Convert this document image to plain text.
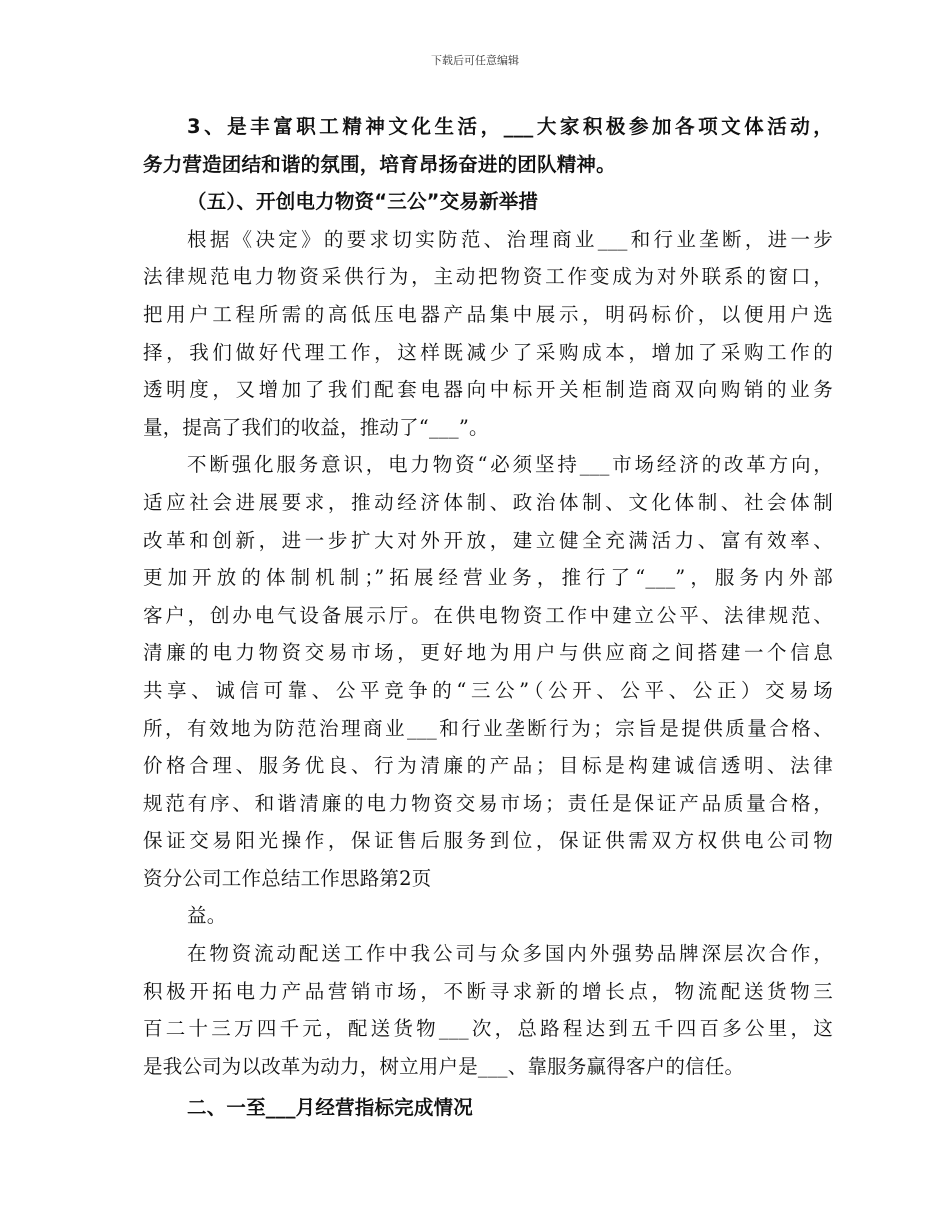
下载后可任意编辑
3、是丰富职工精神文化生活，___大家积极参加各项文体活动，
务力营造团结和谐的氛围，培育昂扬奋进的团队精神。
（五）、开创电力物资“三公”交易新举措
根据《决定》的要求切实防范、治理商业___和行业垄断，进一步
法律规范电力物资采供行为，主动把物资工作变成为对外联系的窗口，
把用户工程所需的高低压电器产品集中展示，明码标价，以便用户选
择，我们做好代理工作，这样既减少了采购成本，增加了采购工作的
透明度，又增加了我们配套电器向中标开关柜制造商双向购销的业务
量，提高了我们的收益，推动了“___”。
不断强化服务意识，电力物资“必须坚持___市场经济的改革方向，
适应社会进展要求，推动经济体制、政治体制、文化体制、社会体制
改革和创新，进一步扩大对外开放，建立健全充满活力、富有效率、
更加开放的体制机制；”拓展经营业务，推行了“___”，服务内外部
客户，创办电气设备展示厅。在供电物资工作中建立公平、法律规范、
清廉的电力物资交易市场，更好地为用户与供应商之间搭建一个信息
共享、诚信可靠、公平竞争的“三公”（公开、公平、公正）交易场
所，有效地为防范治理商业___和行业垄断行为；宗旨是提供质量合格、
价格合理、服务优良、行为清廉的产品；目标是构建诚信透明、法律
规范有序、和谐清廉的电力物资交易市场；责任是保证产品质量合格，
保证交易阳光操作，保证售后服务到位，保证供需双方权供电公司物
资分公司工作总结工作思路第2页
益。
在物资流动配送工作中我公司与众多国内外强势品牌深层次合作，
积极开拓电力产品营销市场，不断寻求新的增长点，物流配送货物三
百二十三万四千元，配送货物___次，总路程达到五千四百多公里，这
是我公司为以改革为动力，树立用户是___、靠服务赢得客户的信任。
二、一至___月经营指标完成情况
